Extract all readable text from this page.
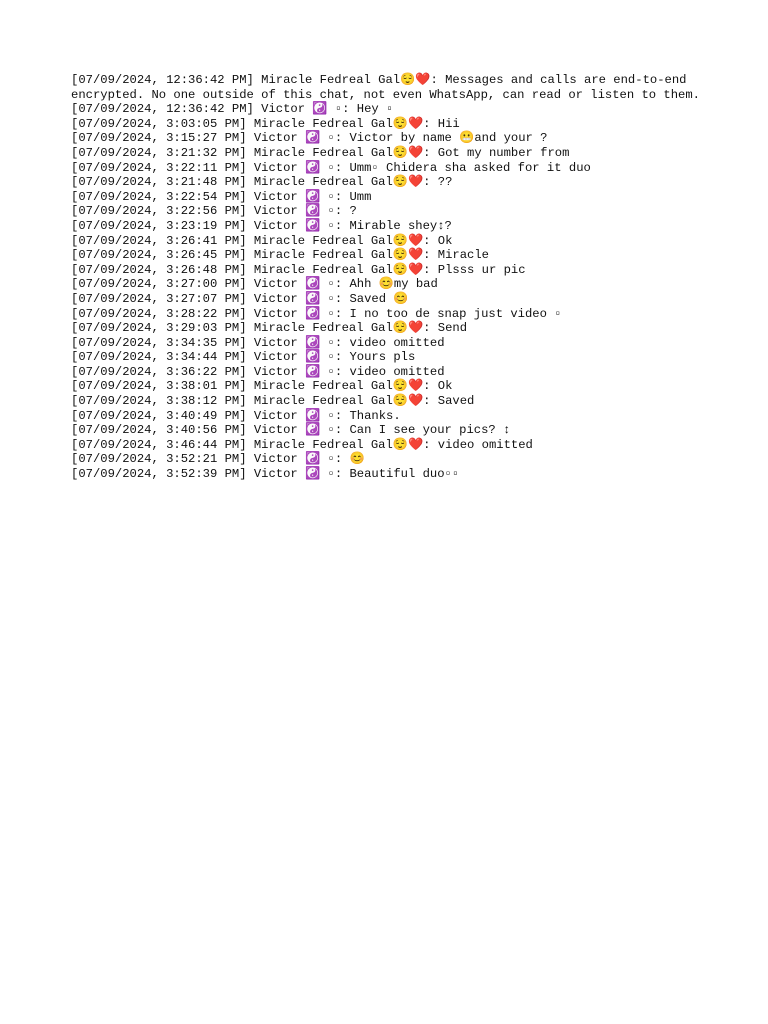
[07/09/2024, 12:36:42 PM] Miracle Fedreal Gal😌❤️: Messages and calls are end-to-end encrypted. No one outside of this chat, not even WhatsApp, can read or listen to them.
[07/09/2024, 12:36:42 PM] Victor ☯️ ▫: Hey ▫
[07/09/2024, 3:03:05 PM] Miracle Fedreal Gal😌❤️: Hii
[07/09/2024, 3:15:27 PM] Victor ☯️ ▫: Victor by name 😬and your ?
[07/09/2024, 3:21:32 PM] Miracle Fedreal Gal😌❤️: Got my number from
[07/09/2024, 3:22:11 PM] Victor ☯️ ▫: Umm▫ Chidera sha asked for it duo
[07/09/2024, 3:21:48 PM] Miracle Fedreal Gal😌❤️: ??
[07/09/2024, 3:22:54 PM] Victor ☯️ ▫: Umm
[07/09/2024, 3:22:56 PM] Victor ☯️ ▫: ?
[07/09/2024, 3:23:19 PM] Victor ☯️ ▫: Mirable shey↕?
[07/09/2024, 3:26:41 PM] Miracle Fedreal Gal😌❤️: Ok
[07/09/2024, 3:26:45 PM] Miracle Fedreal Gal😌❤️: Miracle
[07/09/2024, 3:26:48 PM] Miracle Fedreal Gal😌❤️: Plsss ur pic
[07/09/2024, 3:27:00 PM] Victor ☯️ ▫: Ahh 😊my bad
[07/09/2024, 3:27:07 PM] Victor ☯️ ▫: Saved 😊
[07/09/2024, 3:28:22 PM] Victor ☯️ ▫: I no too de snap just video ▫
[07/09/2024, 3:29:03 PM] Miracle Fedreal Gal😌❤️: Send
[07/09/2024, 3:34:35 PM] Victor ☯️ ▫: video omitted
[07/09/2024, 3:34:44 PM] Victor ☯️ ▫: Yours pls
[07/09/2024, 3:36:22 PM] Victor ☯️ ▫: video omitted
[07/09/2024, 3:38:01 PM] Miracle Fedreal Gal😌❤️: Ok
[07/09/2024, 3:38:12 PM] Miracle Fedreal Gal😌❤️: Saved
[07/09/2024, 3:40:49 PM] Victor ☯️ ▫: Thanks.
[07/09/2024, 3:40:56 PM] Victor ☯️ ▫: Can I see your pics? ↕
[07/09/2024, 3:46:44 PM] Miracle Fedreal Gal😌❤️: video omitted
[07/09/2024, 3:52:21 PM] Victor ☯️ ▫: 😊
[07/09/2024, 3:52:39 PM] Victor ☯️ ▫: Beautiful duo▫▫
